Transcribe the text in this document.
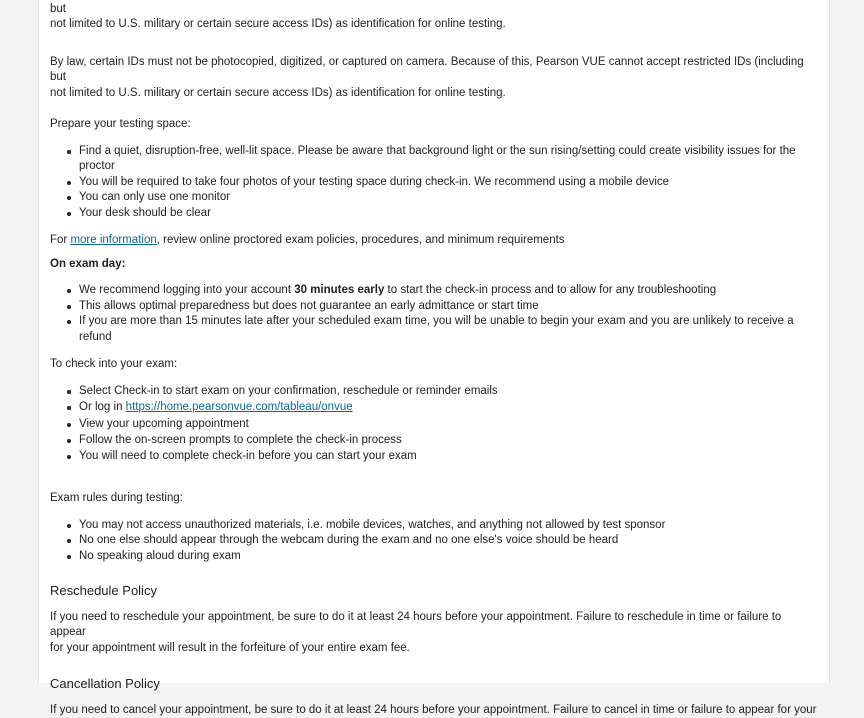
but

not limited to U.S. military or certain secure access IDs) as identification for online testing.

By law, certain IDs must not be photocopied, digitized, or captured on camera. Because of this, Pearson VUE cannot accept restricted IDs (including but

not limited to U.S. military or certain secure access IDs) as identification for online testing.

Prepare your testing space:

Find a quiet, disruption-free, well-lit space. Please be aware that background light or the sun rising/setting could create visibility issues for the
proctor
You will be required to take four photos of your testing space during check-in. We recommend using a mobile device
You can only use one monitor
Your desk should be clear

For more information, review online proctored exam policies, procedures, and minimum requirements

On exam day:

We recommend logging into your account 30 minutes early to start the check-in process and to allow for any troubleshooting
This allows optimal preparedness but does not guarantee an early admittance or start time
If you are more than 15 minutes late after your scheduled exam time, you will be unable to begin your exam and you are unlikely to receive a
refund

To check into your exam:

Select Check-in to start exam on your confirmation, reschedule or reminder emails
Or log in https://home.pearsonvue.com/tableau/onvue
View your upcoming appointment
Follow the on-screen prompts to complete the check-in process
You will need to complete check-in before you can start your exam

Exam rules during testing:

You may not access unauthorized materials, i.e. mobile devices, watches, and anything not allowed by test sponsor
No one else should appear through the webcam during the exam and no one else's voice should be heard
No speaking aloud during exam

Reschedule Policy

If you need to reschedule your appointment, be sure to do it at least 24 hours before your appointment. Failure to reschedule in time or failure to appear

for your appointment will result in the forfeiture of your entire exam fee.

Cancellation Policy

If you need to cancel your appointment, be sure to do it at least 24 hours before your appointment. Failure to cancel in time or failure to appear for your
